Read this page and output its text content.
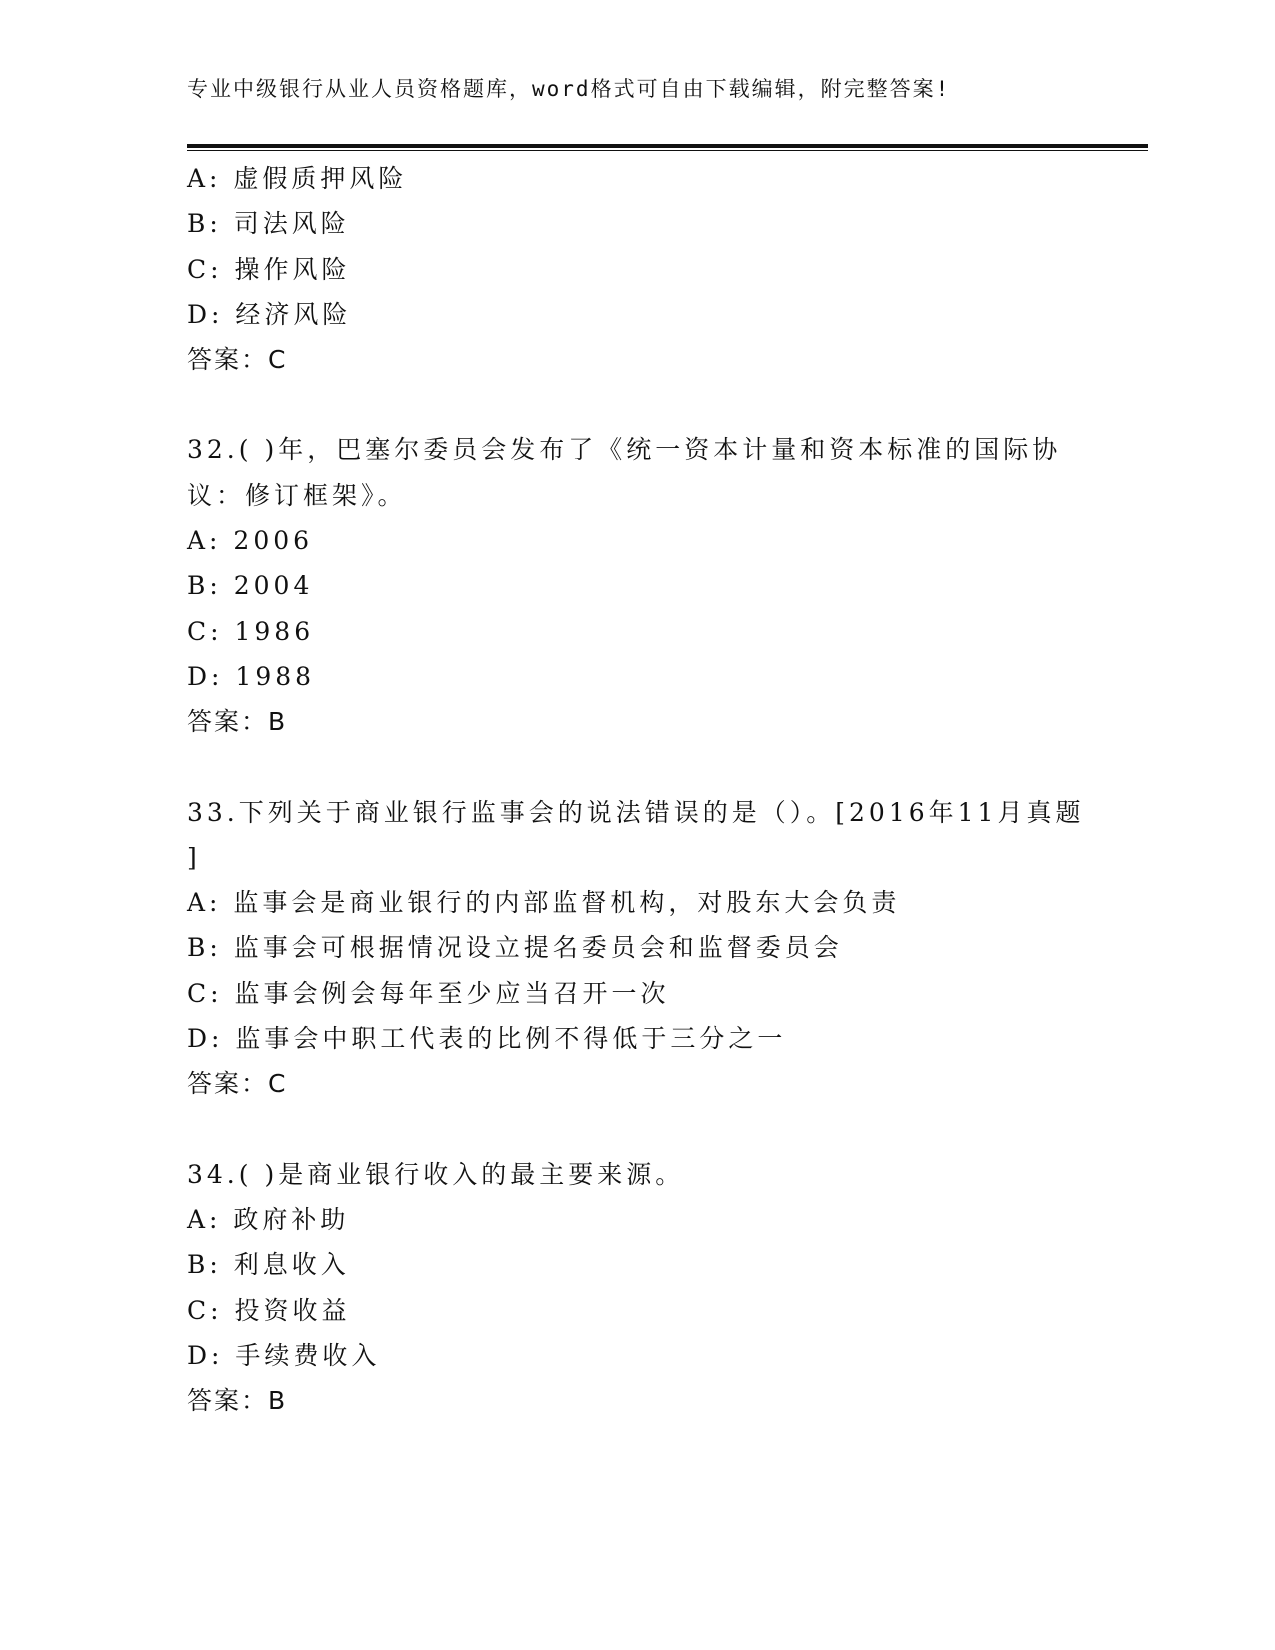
专业中级银行从业人员资格题库，word格式可自由下载编辑，附完整答案!
A: 虚假质押风险
B: 司法风险
C: 操作风险
D: 经济风险
答案：C
32.( )年，巴塞尔委员会发布了《统一资本计量和资本标准的国际协
议：修订框架》。
A: 2006
B: 2004
C: 1986
D: 1988
答案：B
33.下列关于商业银行监事会的说法错误的是（）。[2016年11月真题
]
A: 监事会是商业银行的内部监督机构，对股东大会负责
B: 监事会可根据情况设立提名委员会和监督委员会
C: 监事会例会每年至少应当召开一次
D: 监事会中职工代表的比例不得低于三分之一
答案：C
34.( )是商业银行收入的最主要来源。
A: 政府补助
B: 利息收入
C: 投资收益
D: 手续费收入
答案：B
